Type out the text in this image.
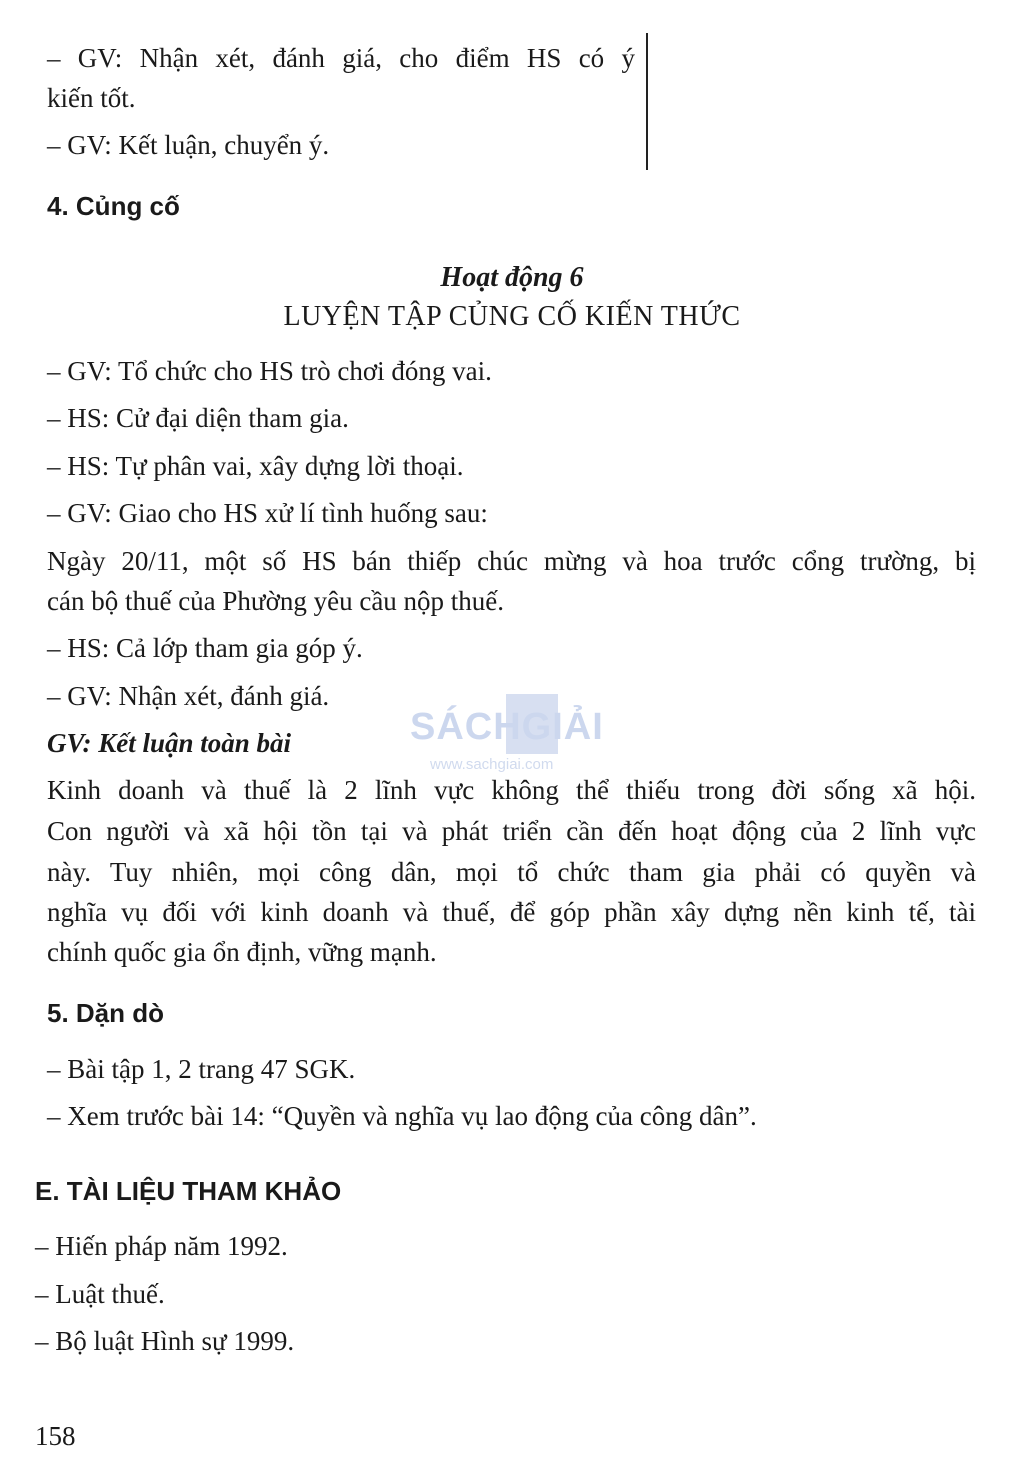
– GV: Nhận xét, đánh giá, cho điểm HS có ý

kiến tốt.

– GV: Kết luận, chuyển ý.

4. Củng cố
Hoạt động 6
LUYỆN TẬP CỦNG CỐ KIẾN THỨC

– GV: Tổ chức cho HS trò chơi đóng vai.

– HS: Cử đại diện tham gia.

– HS: Tự phân vai, xây dựng lời thoại.

– GV: Giao cho HS xử lí tình huống sau:

Ngày 20/11, một số HS bán thiếp chúc mừng và hoa trước cổng trường, bị

cán bộ thuế của Phường yêu cầu nộp thuế.

– HS: Cả lớp tham gia góp ý.

– GV: Nhận xét, đánh giá.

GV: Kết luận toàn bài

Kinh doanh và thuế là 2 lĩnh vực không thể thiếu trong đời sống xã hội.

Con người và xã hội tồn tại và phát triển cần đến hoạt động của 2 lĩnh vực

này. Tuy nhiên, mọi công dân, mọi tổ chức tham gia phải có quyền và

nghĩa vụ đối với kinh doanh và thuế, để góp phần xây dựng nền kinh tế, tài

chính quốc gia ổn định, vững mạnh.

SÁCHGIẢI
www.sachgiai.com
5. Dặn dò

– Bài tập 1, 2 trang 47 SGK.

– Xem trước bài 14: “Quyền và nghĩa vụ lao động của công dân”.

E. TÀI LIỆU THAM KHẢO

– Hiến pháp năm 1992.

– Luật thuế.

– Bộ luật Hình sự 1999.

158
